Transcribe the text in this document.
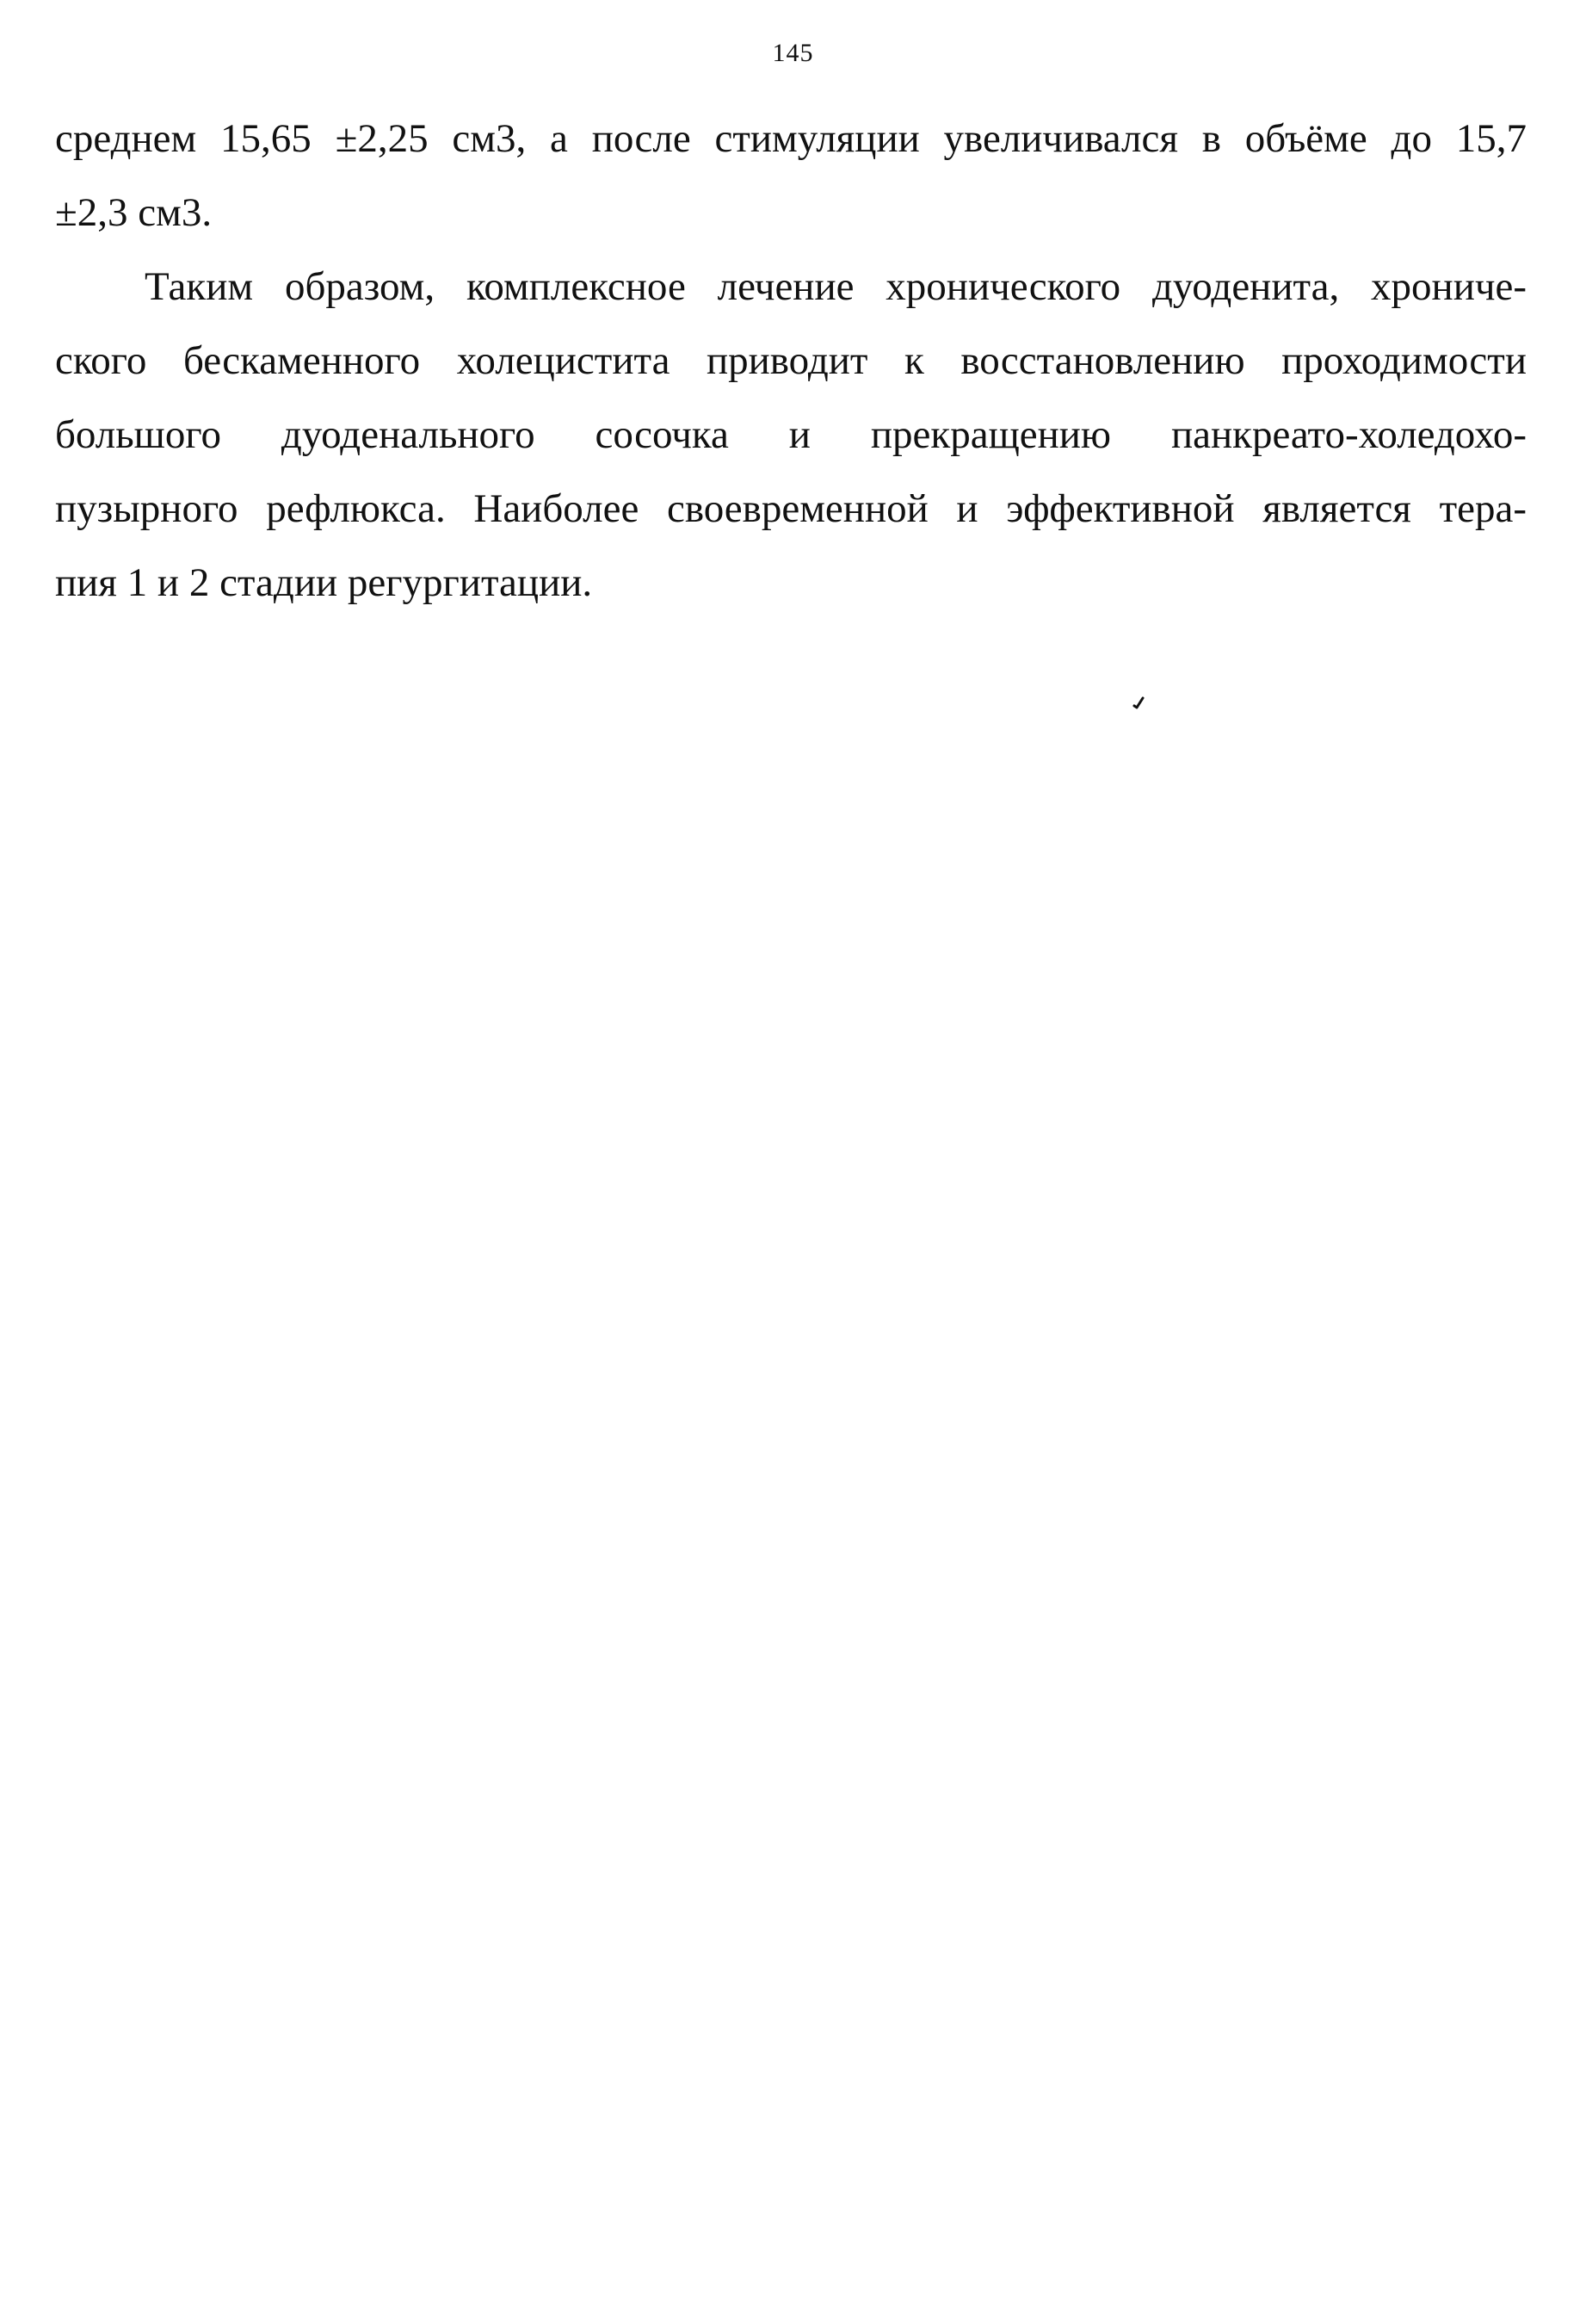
145
среднем 15,65 ±2,25 см3, а после стимуляции увеличивался в объёме до 15,7
±2,3 см3.
Таким образом, комплексное лечение хронического дуоденита, хрониче-
ского бескаменного холецистита приводит к восстановлению проходимости
большого дуоденального сосочка и прекращению панкреато-холедохо-
пузырного рефлюкса. Наиболее своевременной и эффективной является тера-
пия 1 и 2 стадии регургитации.
